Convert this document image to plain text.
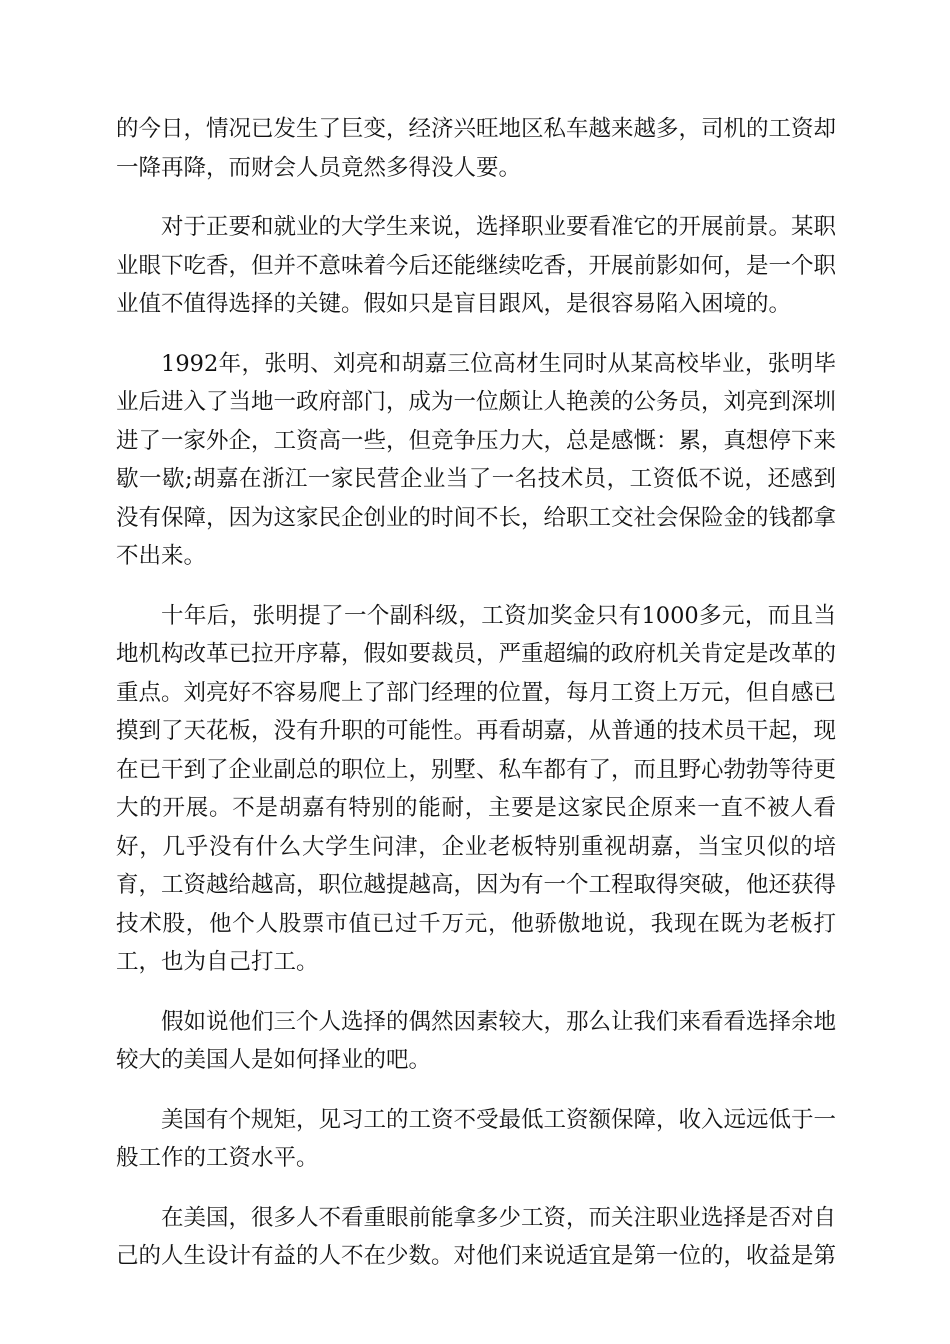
的今日，情况已发生了巨变，经济兴旺地区私车越来越多，司机的工资却一降再降，而财会人员竟然多得没人要。

对于正要和就业的大学生来说，选择职业要看准它的开展前景。某职业眼下吃香，但并不意味着今后还能继续吃香，开展前影如何，是一个职业值不值得选择的关键。假如只是盲目跟风，是很容易陷入困境的。

1992年，张明、刘亮和胡嘉三位高材生同时从某高校毕业，张明毕业后进入了当地一政府部门，成为一位颇让人艳羡的公务员，刘亮到深圳进了一家外企，工资高一些，但竞争压力大，总是感慨：累，真想停下来歇一歇;胡嘉在浙江一家民营企业当了一名技术员，工资低不说，还感到没有保障，因为这家民企创业的时间不长，给职工交社会保险金的钱都拿不出来。

十年后，张明提了一个副科级，工资加奖金只有1000多元，而且当地机构改革已拉开序幕，假如要裁员，严重超编的政府机关肯定是改革的重点。刘亮好不容易爬上了部门经理的位置，每月工资上万元，但自感已摸到了天花板，没有升职的可能性。再看胡嘉，从普通的技术员干起，现在已干到了企业副总的职位上，别墅、私车都有了，而且野心勃勃等待更大的开展。不是胡嘉有特别的能耐，主要是这家民企原来一直不被人看好，几乎没有什么大学生问津，企业老板特别重视胡嘉，当宝贝似的培育，工资越给越高，职位越提越高，因为有一个工程取得突破，他还获得技术股，他个人股票市值已过千万元，他骄傲地说，我现在既为老板打工，也为自己打工。

假如说他们三个人选择的偶然因素较大，那么让我们来看看选择余地较大的美国人是如何择业的吧。

美国有个规矩，见习工的工资不受最低工资额保障，收入远远低于一般工作的工资水平。

在美国，很多人不看重眼前能拿多少工资，而关注职业选择是否对自己的人生设计有益的人不在少数。对他们来说适宜是第一位的，收益是第
